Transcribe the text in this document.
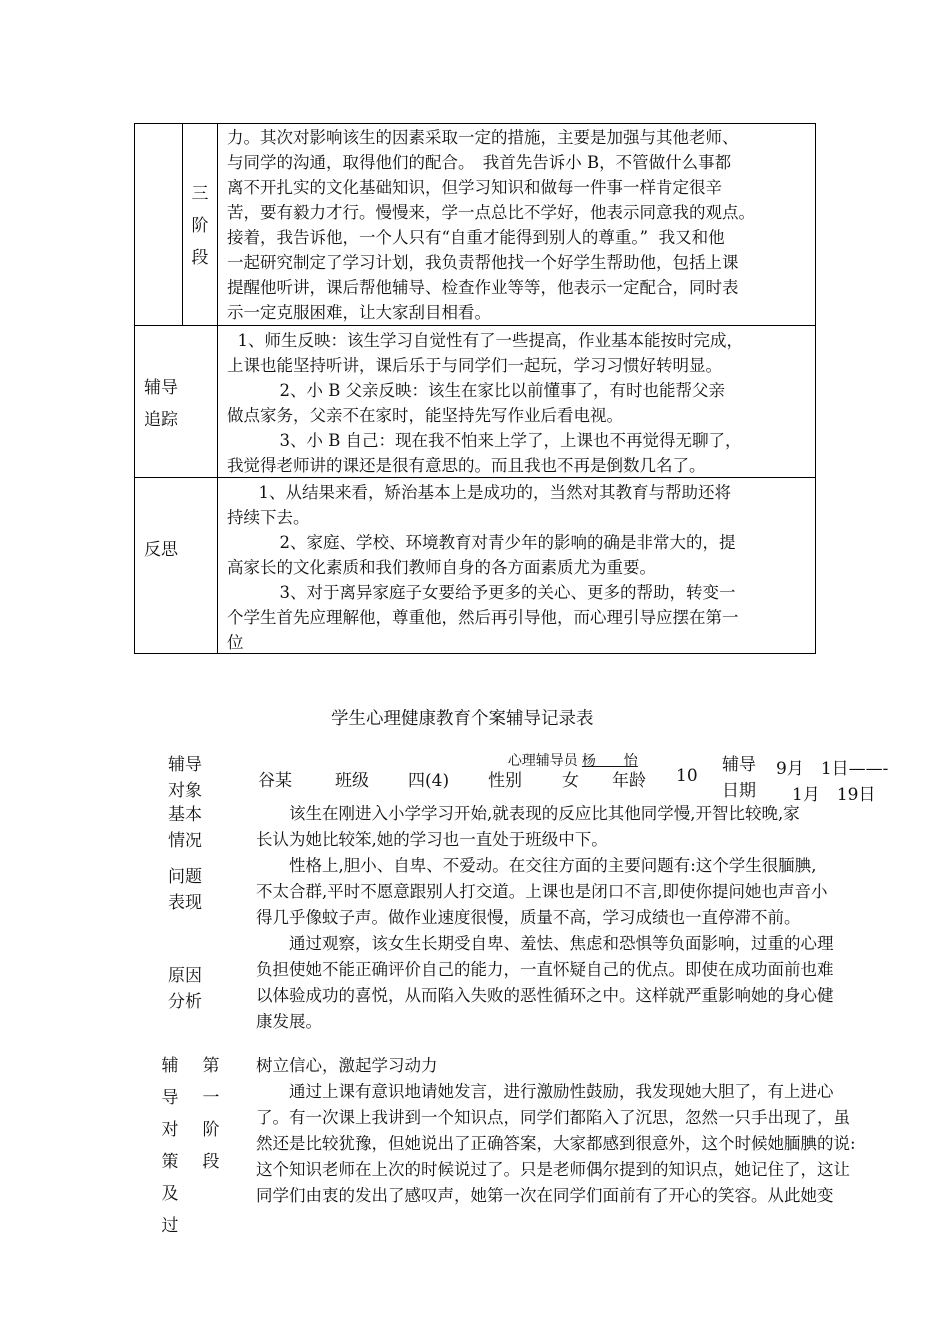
三
阶
段
力。其次对影响该生的因素采取一定的措施，主要是加强与其他老师、
与同学的沟通，取得他们的配合。　我首先告诉小 B，不管做什么事都
离不开扎实的文化基础知识，但学习知识和做每一件事一样肯定很辛
苦，要有毅力才行。慢慢来，学一点总比不学好，他表示同意我的观点。
接着，我告诉他，一个人只有“自重才能得到别人的尊重。”  我又和他
一起研究制定了学习计划，我负责帮他找一个好学生帮助他，包括上课
提醒他听讲，课后帮他辅导、检查作业等等，他表示一定配合，同时表
示一定克服困难，让大家刮目相看。
辅导
追踪
1、师生反映：该生学习自觉性有了一些提高，作业基本能按时完成，
上课也能坚持听讲，课后乐于与同学们一起玩，学习习惯好转明显。
2、小 B 父亲反映：该生在家比以前懂事了，有时也能帮父亲
做点家务，父亲不在家时，能坚持先写作业后看电视。
3、小 B 自己：现在我不怕来上学了，上课也不再觉得无聊了，
我觉得老师讲的课还是很有意思的。而且我也不再是倒数几名了。
反思
1、从结果来看，矫治基本上是成功的，当然对其教育与帮助还将
持续下去。
2、家庭、学校、环境教育对青少年的影响的确是非常大的，提
高家长的文化素质和我们教师自身的各方面素质尤为重要。
3、对于离异家庭子女要给予更多的关心、更多的帮助，转变一
个学生首先应理解他，尊重他，然后再引导他，而心理引导应摆在第一
位
学生心理健康教育个案辅导记录表

心理辅导员 杨　　怡

辅导
对象	谷某	班级 四(4) 性别 女 年龄 10
辅导
日期
9月　1日——-
1月　19日
基本
情况
问题
表现
原因
分析
　　该生在刚进入小学学习开始,就表现的反应比其他同学慢,开智比较晚,家
长认为她比较笨,她的学习也一直处于班级中下。
　　性格上,胆小、自卑、不爱动。在交往方面的主要问题有:这个学生很腼腆,
不太合群,平时不愿意跟别人打交道。上课也是闭口不言,即使你提问她也声音小
得几乎像蚊子声。做作业速度很慢，质量不高，学习成绩也一直停滞不前。
　　通过观察，该女生长期受自卑、羞怯、焦虑和恐惧等负面影响，过重的心理
负担使她不能正确评价自己的能力，一直怀疑自己的优点。即使在成功面前也难
以体验成功的喜悦，从而陷入失败的恶性循环之中。这样就严重影响她的身心健
康发展。
辅
导
对
策
及
过
第
一
阶
段
树立信心，激起学习动力
　　通过上课有意识地请她发言，进行激励性鼓励，我发现她大胆了，有上进心
了。有一次课上我讲到一个知识点，同学们都陷入了沉思，忽然一只手出现了，虽
然还是比较犹豫，但她说出了正确答案，大家都感到很意外，这个时候她腼腆的说:
这个知识老师在上次的时候说过了。只是老师偶尔提到的知识点，她记住了，这让
同学们由衷的发出了感叹声，她第一次在同学们面前有了开心的笑容。从此她变
